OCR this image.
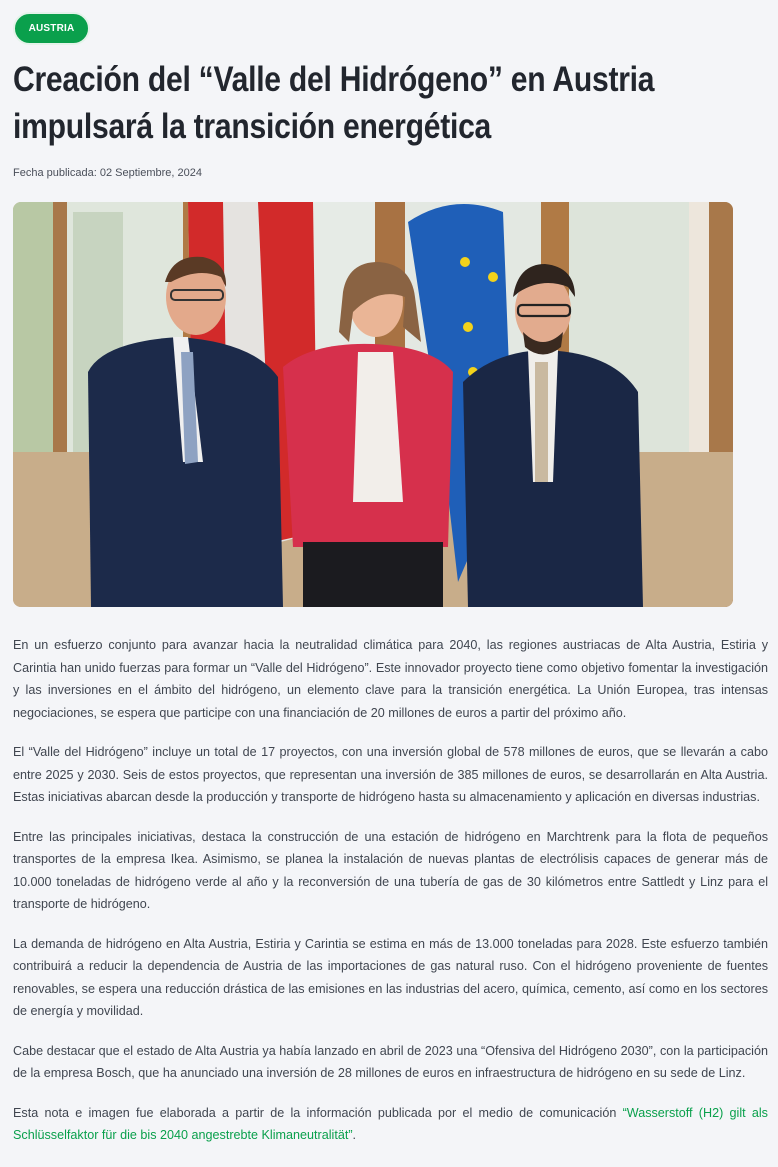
AUSTRIA
Creación del “Valle del Hidrógeno” en Austria impulsará la transición energética
Fecha publicada: 02 Septiembre, 2024

En un esfuerzo conjunto para avanzar hacia la neutralidad climática para 2040, las regiones austriacas de Alta Austria, Estiria y Carintia han unido fuerzas para formar un “Valle del Hidrógeno”. Este innovador proyecto tiene como objetivo fomentar la investigación y las inversiones en el ámbito del hidrógeno, un elemento clave para la transición energética. La Unión Europea, tras intensas negociaciones, se espera que participe con una financiación de 20 millones de euros a partir del próximo año.

El “Valle del Hidrógeno” incluye un total de 17 proyectos, con una inversión global de 578 millones de euros, que se llevarán a cabo entre 2025 y 2030. Seis de estos proyectos, que representan una inversión de 385 millones de euros, se desarrollarán en Alta Austria. Estas iniciativas abarcan desde la producción y transporte de hidrógeno hasta su almacenamiento y aplicación en diversas industrias.

Entre las principales iniciativas, destaca la construcción de una estación de hidrógeno en Marchtrenk para la flota de pequeños transportes de la empresa Ikea. Asimismo, se planea la instalación de nuevas plantas de electrólisis capaces de generar más de 10.000 toneladas de hidrógeno verde al año y la reconversión de una tubería de gas de 30 kilómetros entre Sattledt y Linz para el transporte de hidrógeno.

La demanda de hidrógeno en Alta Austria, Estiria y Carintia se estima en más de 13.000 toneladas para 2028. Este esfuerzo también contribuirá a reducir la dependencia de Austria de las importaciones de gas natural ruso. Con el hidrógeno proveniente de fuentes renovables, se espera una reducción drástica de las emisiones en las industrias del acero, química, cemento, así como en los sectores de energía y movilidad.

Cabe destacar que el estado de Alta Austria ya había lanzado en abril de 2023 una “Ofensiva del Hidrógeno 2030”, con la participación de la empresa Bosch, que ha anunciado una inversión de 28 millones de euros en infraestructura de hidrógeno en su sede de Linz.

Esta nota e imagen fue elaborada a partir de la información publicada por el medio de comunicación “Wasserstoff (H2) gilt als Schlüsselfaktor für die bis 2040 angestrebte Klimaneutralität”.
